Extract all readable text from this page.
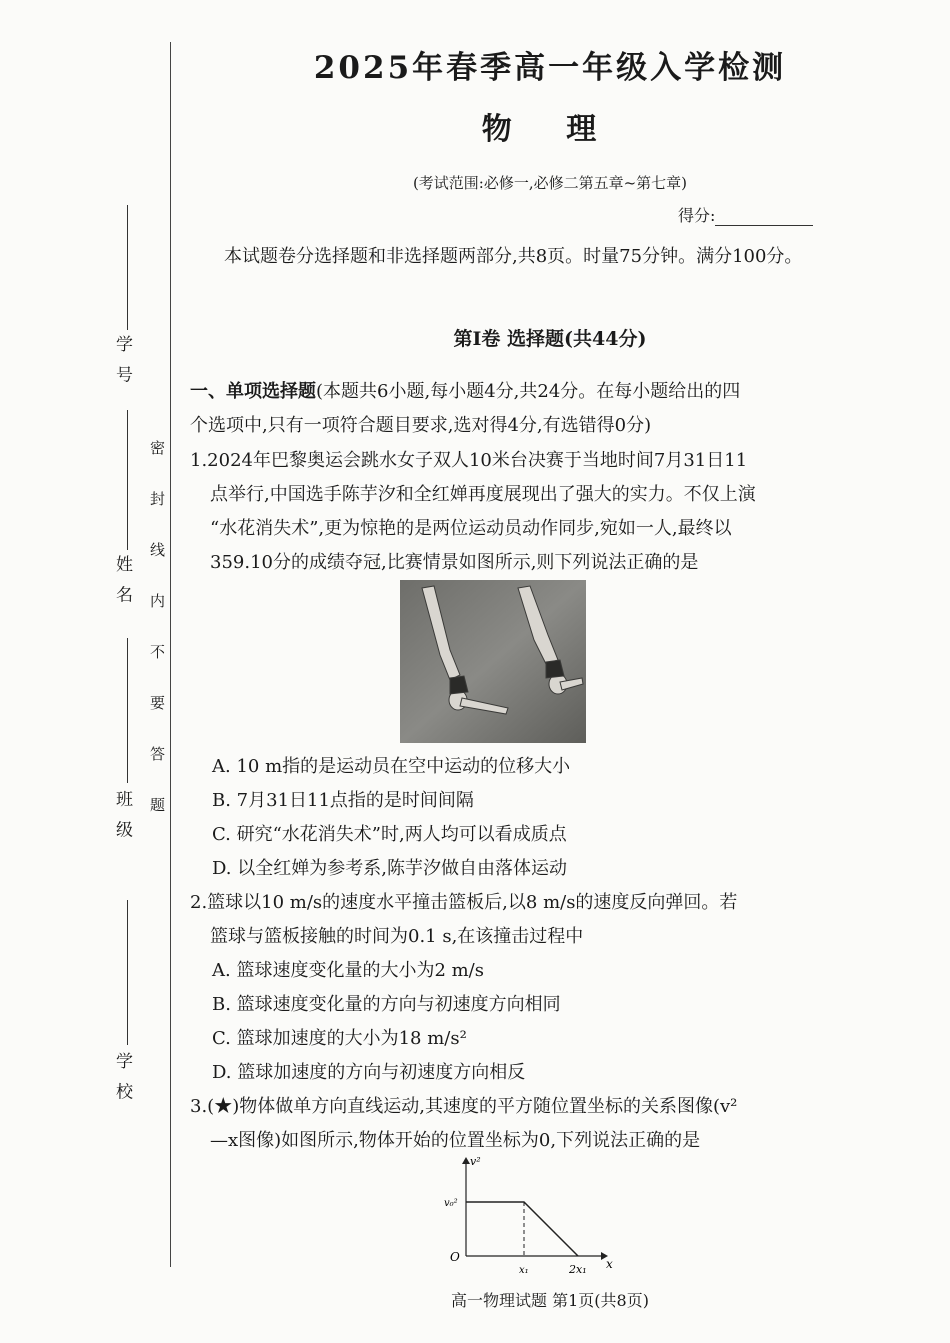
学 校
班 级
姓 名
学 号
密封线内不要答题
2025年春季高一年级入学检测
物 理
(考试范围:必修一,必修二第五章~第七章)
得分:
本试题卷分选择题和非选择题两部分,共8页。时量75分钟。满分100分。
第Ⅰ卷 选择题(共44分)
一、单项选择题(本题共6小题,每小题4分,共24分。在每小题给出的四
个选项中,只有一项符合题目要求,选对得4分,有选错得0分)
1.2024年巴黎奥运会跳水女子双人10米台决赛于当地时间7月31日11
点举行,中国选手陈芋汐和全红婵再度展现出了强大的实力。不仅上演
“水花消失术”,更为惊艳的是两位运动员动作同步,宛如一人,最终以
359.10分的成绩夺冠,比赛情景如图所示,则下列说法正确的是
A. 10 m指的是运动员在空中运动的位移大小
B. 7月31日11点指的是时间间隔
C. 研究“水花消失术”时,两人均可以看成质点
D. 以全红婵为参考系,陈芋汐做自由落体运动
2.篮球以10 m/s的速度水平撞击篮板后,以8 m/s的速度反向弹回。若
篮球与篮板接触的时间为0.1 s,在该撞击过程中
A. 篮球速度变化量的大小为2 m/s
B. 篮球速度变化量的方向与初速度方向相同
C. 篮球加速度的大小为18 m/s²
D. 篮球加速度的方向与初速度方向相反
3.(★)物体做单方向直线运动,其速度的平方随位置坐标的关系图像(v²
—x图像)如图所示,物体开始的位置坐标为0,下列说法正确的是
v²
x
O
v₀²
x₁	2x₁
高一物理试题 第1页(共8页)
